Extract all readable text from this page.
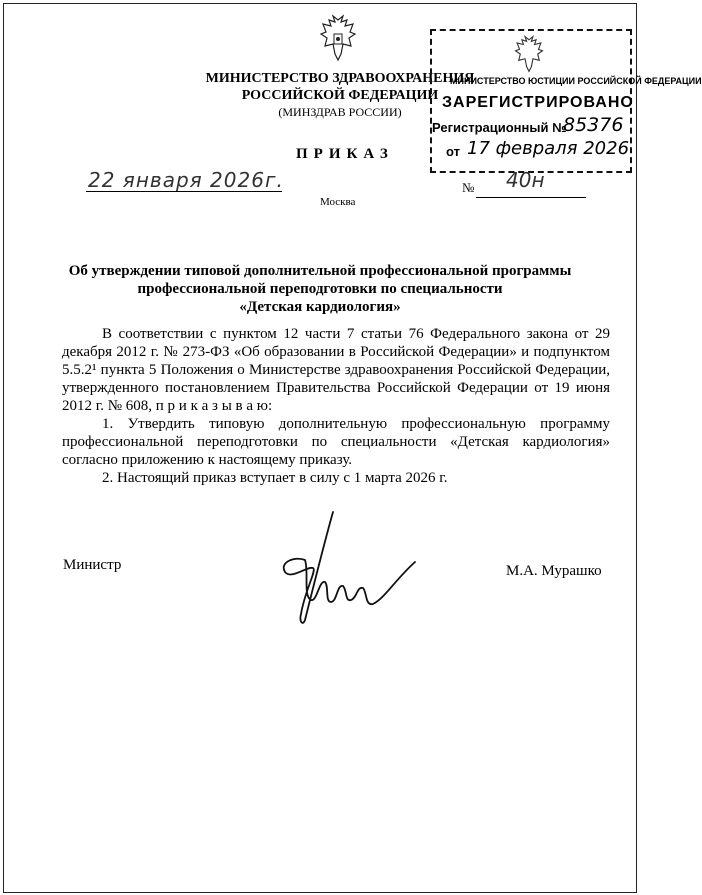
МИНИСТЕРСТВО ЗДРАВООХРАНЕНИЯ
РОССИЙСКОЙ ФЕДЕРАЦИИ
(МИНЗДРАВ РОССИИ)
МИНИСТЕРСТВО ЮСТИЦИИ РОССИЙСКОЙ ФЕДЕРАЦИИ
ЗАРЕГИСТРИРОВАНО
Регистрационный №
85376
от 17 февраля 2026
ПРИКАЗ
22 января 2026г.	№ 40н
Москва
Об утверждении типовой дополнительной профессиональной программы
профессиональной переподготовки по специальности
«Детская кардиология»

В соответствии с пунктом 12 части 7 статьи 76 Федерального закона от 29 декабря 2012 г. № 273-ФЗ «Об образовании в Российской Федерации» и подпунктом 5.5.2¹ пункта 5 Положения о Министерстве здравоохранения Российской Федерации, утвержденного постановлением Правительства Российской Федерации от 19 июня 2012 г. № 608, п р и к а з ы в а ю:

1. Утвердить типовую дополнительную профессиональную программу профессиональной переподготовки по специальности «Детская кардиология» согласно приложению к настоящему приказу.

2. Настоящий приказ вступает в силу с 1 марта 2026 г.

Министр	М.А. Мурашко
